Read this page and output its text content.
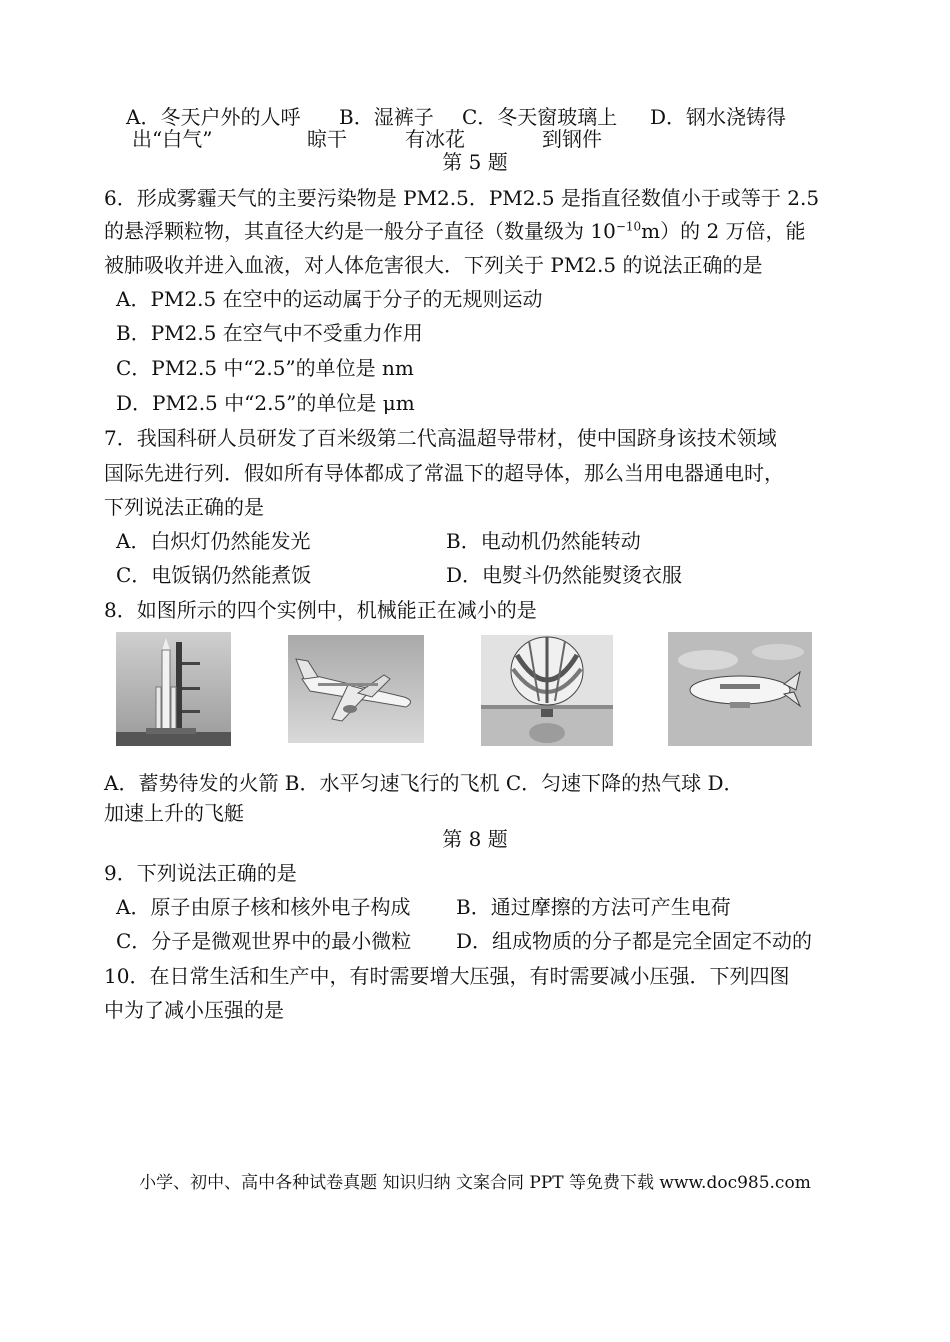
A．冬天户外的人呼
出“白气”
B．湿裤子
晾干
C．冬天窗玻璃上
有冰花
D．钢水浇铸得
到钢件
第 5 题
6．形成雾霾天气的主要污染物是 PM2.5．PM2.5 是指直径数值小于或等于 2.5
的悬浮颗粒物，其直径大约是一般分子直径（数量级为 $10^{-10}m$）的 2 万倍，能
被肺吸收并进入血液，对人体危害很大．下列关于 PM2.5 的说法正确的是
A．PM2.5 在空中的运动属于分子的无规则运动
B．PM2.5 在空气中不受重力作用
C．PM2.5 中“2.5”的单位是 nm
D．PM2.5 中“2.5”的单位是 μm
7．我国科研人员研发了百米级第二代高温超导带材，使中国跻身该技术领域
国际先进行列．假如所有导体都成了常温下的超导体，那么当用电器通电时，
下列说法正确的是
A．白炽灯仍然能发光	B．电动机仍然能转动
C．电饭锅仍然能煮饭	D．电熨斗仍然能熨烫衣服
8．如图所示的四个实例中，机械能正在减小的是
A．蓄势待发的火箭 B．水平匀速飞行的飞机 C．匀速下降的热气球 D．
加速上升的飞艇
第 8 题
9．下列说法正确的是
A．原子由原子核和核外电子构成 B．通过摩擦的方法可产生电荷
C．分子是微观世界中的最小微粒 D．组成物质的分子都是完全固定不动的
10．在日常生活和生产中，有时需要增大压强，有时需要减小压强．下列四图
中为了减小压强的是
小学、初中、高中各种试卷真题 知识归纳 文案合同 PPT 等免费下载 www.doc985.com
